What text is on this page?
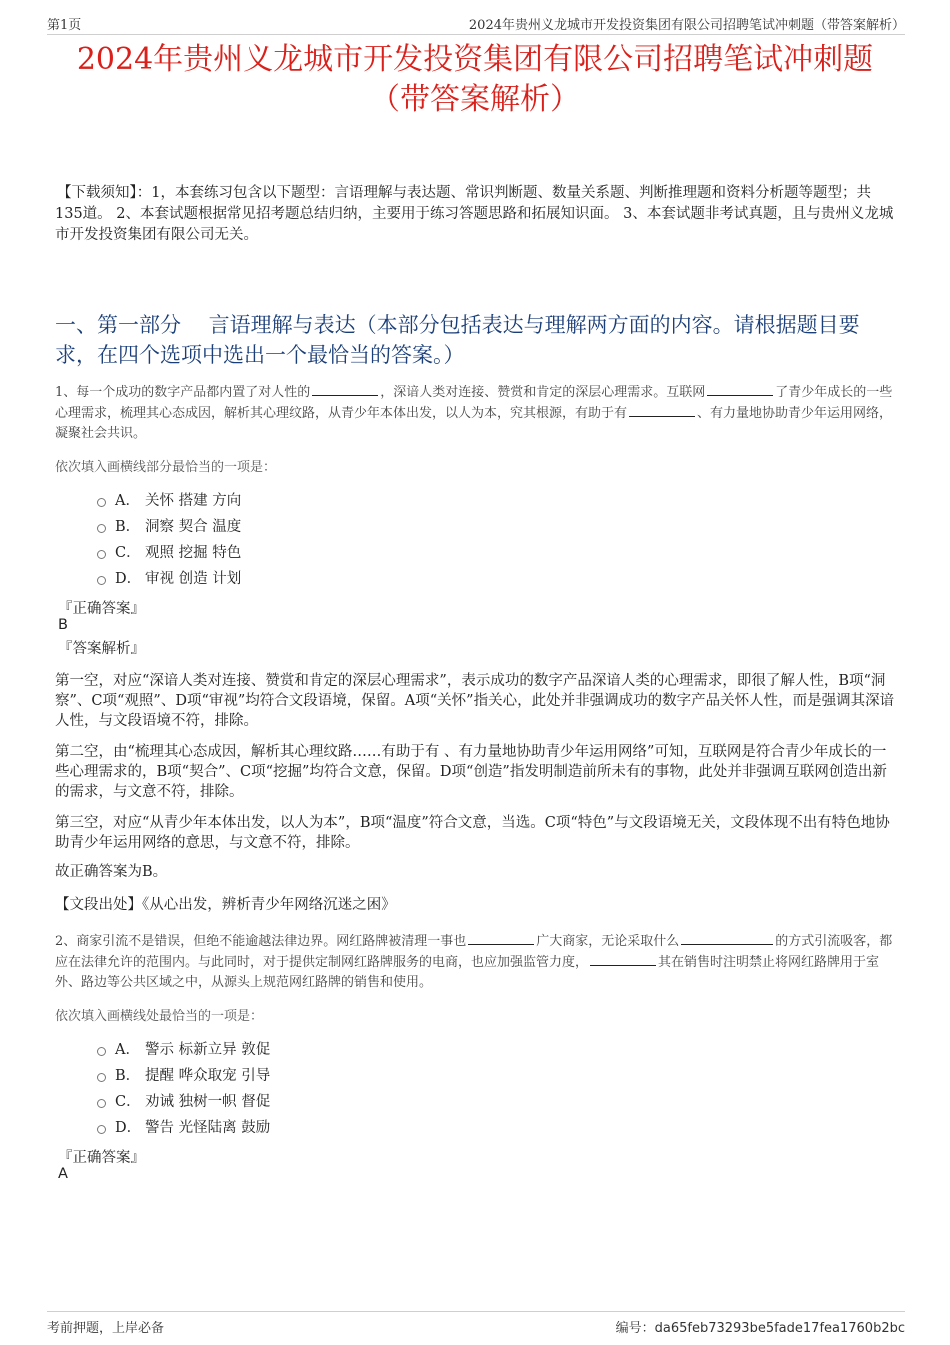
第1页	2024年贵州义龙城市开发投资集团有限公司招聘笔试冲刺题（带答案解析）
2024年贵州义龙城市开发投资集团有限公司招聘笔试冲刺题
（带答案解析）

【下载须知】：1，本套练习包含以下题型：言语理解与表达题、常识判断题、数量关系题、判断推理题和资料分析题等题型；共135道。 2、本套试题根据常见招考题总结归纳，主要用于练习答题思路和拓展知识面。 3、本套试题非考试真题，且与贵州义龙城市开发投资集团有限公司无关。

一、第一部分　 言语理解与表达（本部分包括表达与理解两方面的内容。请根据题目要求，在四个选项中选出一个最恰当的答案。）

1、每一个成功的数字产品都内置了对人性的	，深谙人类对连接、赞赏和肯定的深层心理需求。互联网	了青少年成长的一些心理需求，梳理其心态成因，解析其心理纹路，从青少年本体出发，以人为本，究其根源，有助于有	、有力量地协助青少年运用网络，凝聚社会共识。

依次填入画横线部分最恰当的一项是：

A． 关怀 搭建 方向
B． 洞察 契合 温度
C． 观照 挖掘 特色
D． 审视 创造 计划

『正确答案』

B

『答案解析』

第一空，对应“深谙人类对连接、赞赏和肯定的深层心理需求”，表示成功的数字产品深谙人类的心理需求，即很了解人性，B项“洞察”、C项“观照”、D项“审视”均符合文段语境，保留。A项“关怀”指关心，此处并非强调成功的数字产品关怀人性，而是强调其深谙人性，与文段语境不符，排除。

第二空，由“梳理其心态成因，解析其心理纹路……有助于有 、有力量地协助青少年运用网络”可知，互联网是符合青少年成长的一些心理需求的，B项“契合”、C项“挖掘”均符合文意，保留。D项“创造”指发明制造前所未有的事物，此处并非强调互联网创造出新的需求，与文意不符，排除。

第三空，对应“从青少年本体出发，以人为本”，B项“温度”符合文意，当选。C项“特色”与文段语境无关，文段体现不出有特色地协助青少年运用网络的意思，与文意不符，排除。

故正确答案为B。

【文段出处】《从心出发，辨析青少年网络沉迷之困》

2、商家引流不是错误，但绝不能逾越法律边界。网红路牌被清理一事也	广大商家，无论采取什么	的方式引流吸客，都应在法律允许的范围内。与此同时，对于提供定制网红路牌服务的电商，也应加强监管力度，	其在销售时注明禁止将网红路牌用于室外、路边等公共区域之中，从源头上规范网红路牌的销售和使用。

依次填入画横线处最恰当的一项是：

A． 警示 标新立异 敦促
B． 提醒 哗众取宠 引导
C． 劝诫 独树一帜 督促
D． 警告 光怪陆离 鼓励

『正确答案』

A

考前押题，上岸必备	编号：da65feb73293be5fade17fea1760b2bc
